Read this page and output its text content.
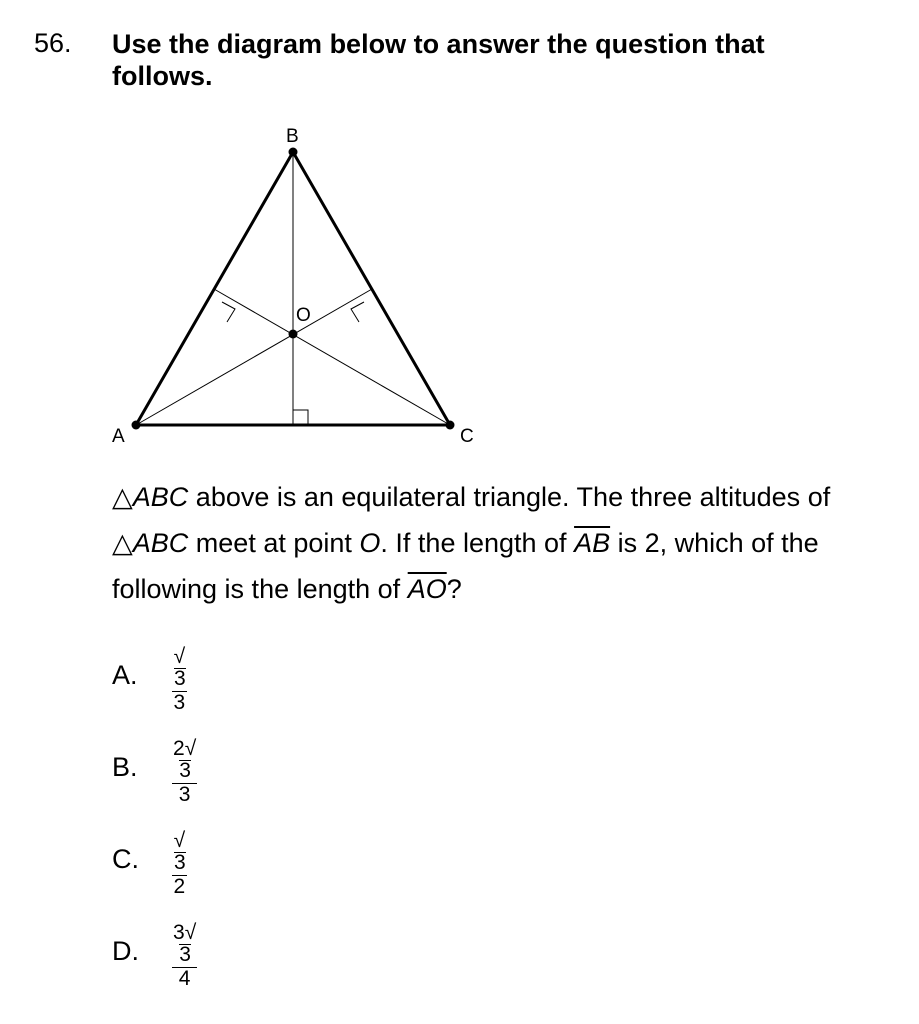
56. Use the diagram below to answer the question that follows.
A
B
C
O
△ABC above is an equilateral triangle. The three altitudes of △ABC meet at point O. If the length of $\overline{AB}$ is 2, which of the following is the length of $\overline{AO}$?
A. $\frac{√3}{3}$
B. $\frac{2√3}{3}$
C. $\frac{√3}{2}$
D. $\frac{3√3}{4}$
